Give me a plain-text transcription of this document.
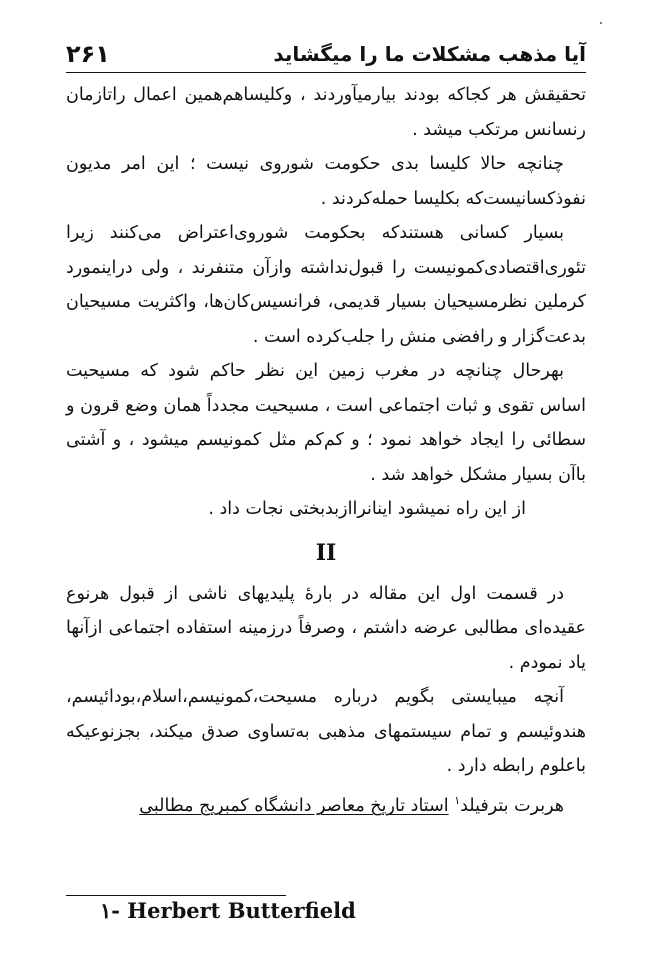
۲۶۱	آیا مذهب مشکلات ما را میگشاید

تحقیقش هر کجاکه بودند بیارمیآوردند ، وکلیساهم‌همین اعمال راتازمان رنسانس مرتکب میشد .

چنانچه حالا کلیسا بدی حکومت شوروی نیست ؛ این امر مدیون نفوذکسانیست‌که بکلیسا حمله‌کردند .

بسیار کسانی هستندکه بحکومت شوروی‌اعتراض می‌کنند زیرا تئوری‌اقتصادی‌کمونیست را قبول‌نداشته وازآن متنفرند ، ولی در‌اینمورد کرملین نظرمسیحیان بسیار قدیمی، فرانسیس‌کان‌ها، واکثریت مسیحیان بدعت‌گزار و رافضی منش را جلب‌کرده است .

بهرحال چنانچه در مغرب زمین این نظر حاکم شود که مسیحیت اساس تقوی و ثبات اجتماعی است ، مسیحیت مجدداً همان وضع قرون و سطائی را ایجاد خواهد نمود ؛ و کم‌کم مثل کمونیسم میشود ، و آشتی باآن بسیار مشکل خواهد شد .

از این راه نمیشود اینانرااز‌بدبختی نجات داد .

II

در قسمت اول این مقاله در بارهٔ پلیدیهای ناشی از قبول هرنوع عقیده‌ای مطالبی عرضه داشتم ، وصرفاً درزمینه استفاده اجتماعی ازآنها یاد نمودم .

آنچه میبایستی بگویم درباره مسیحت،کمونیسم،اسلام،بودائیسم، هندوئیسم و تمام سیستمهای مذهبی به‌تساوی صدق میکند، بجزنوعیکه باعلوم رابطه دارد .

هربرت بترفیلد$^۱$ استاد تاریخ معاصر دانشگاه کمبریج مطالبی

۱- Herbert Butterfield
